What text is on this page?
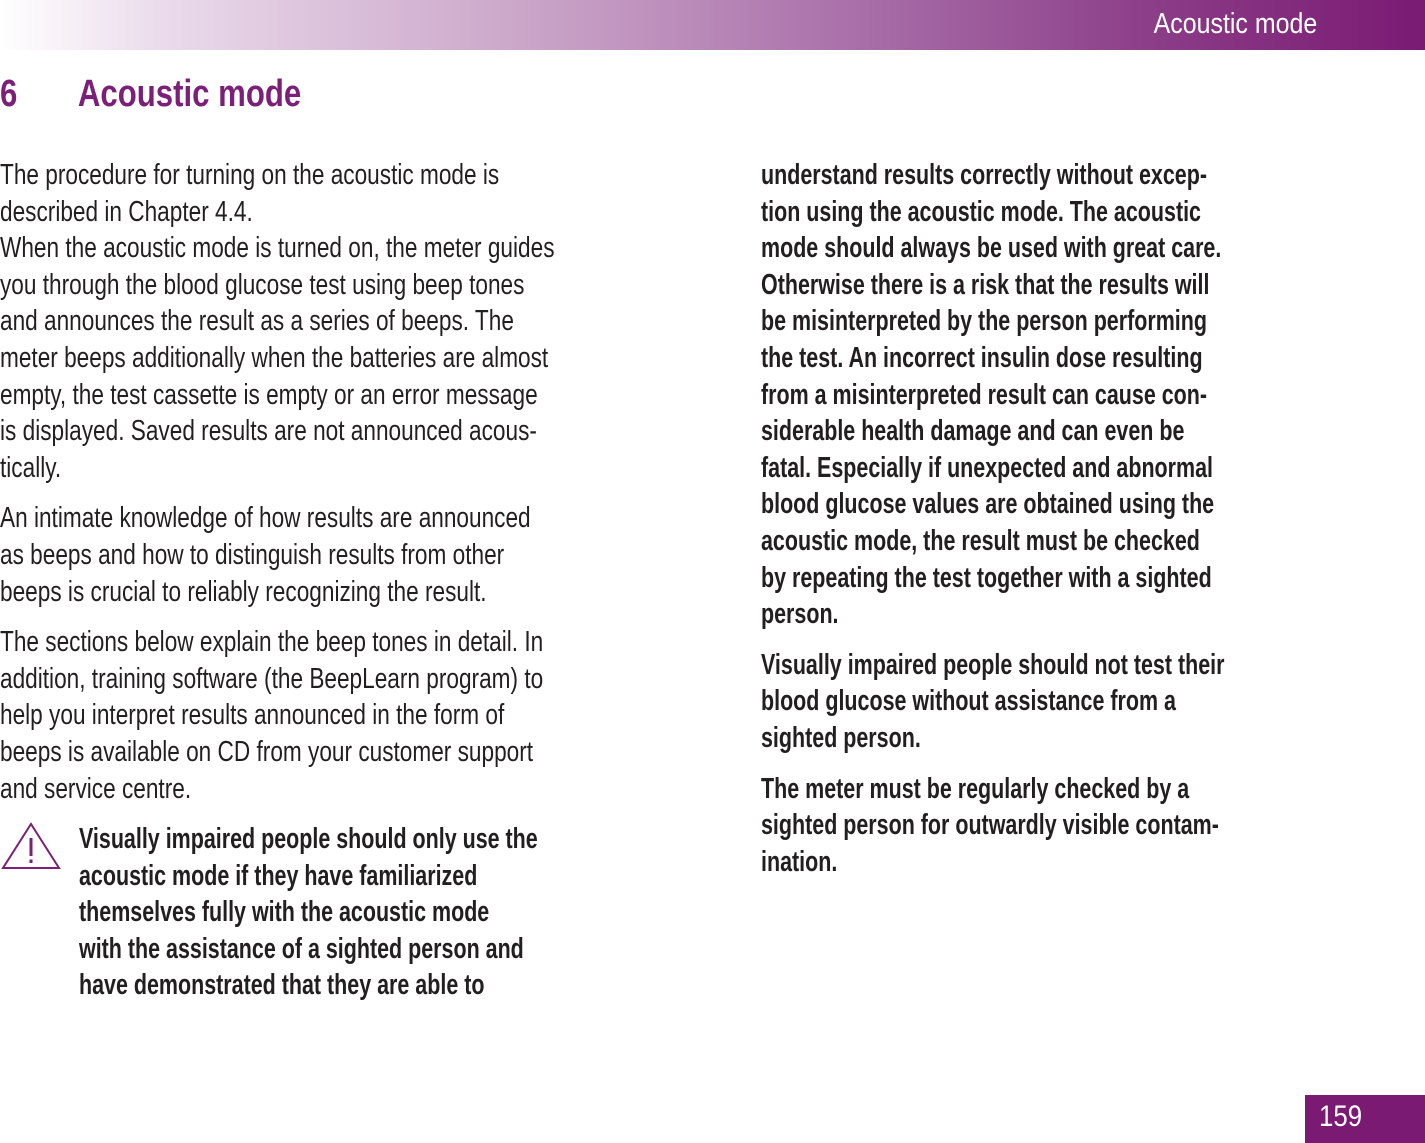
Acoustic mode
6 Acoustic mode

The procedure for turning on the acoustic mode is
described in Chapter 4.4.
When the acoustic mode is turned on, the meter guides
you through the blood glucose test using beep tones
and announces the result as a series of beeps. The
meter beeps additionally when the batteries are almost
empty, the test cassette is empty or an error message
is displayed. Saved results are not announced acous-
tically.

An intimate knowledge of how results are announced
as beeps and how to distinguish results from other
beeps is crucial to reliably recognizing the result.

The sections below explain the beep tones in detail. In
addition, training software (the BeepLearn program) to
help you interpret results announced in the form of
beeps is available on CD from your customer support
and service centre.

Visually impaired people should only use the
acoustic mode if they have familiarized
themselves fully with the acoustic mode
with the assistance of a sighted person and
have demonstrated that they are able to

understand results correctly without excep-
tion using the acoustic mode. The acoustic
mode should always be used with great care.
Otherwise there is a risk that the results will
be misinterpreted by the person performing
the test. An incorrect insulin dose resulting
from a misinterpreted result can cause con-
siderable health damage and can even be
fatal. Especially if unexpected and abnormal
blood glucose values are obtained using the
acoustic mode, the result must be checked
by repeating the test together with a sighted
person.

Visually impaired people should not test their
blood glucose without assistance from a
sighted person.

The meter must be regularly checked by a
sighted person for outwardly visible contam-
ination.

159
